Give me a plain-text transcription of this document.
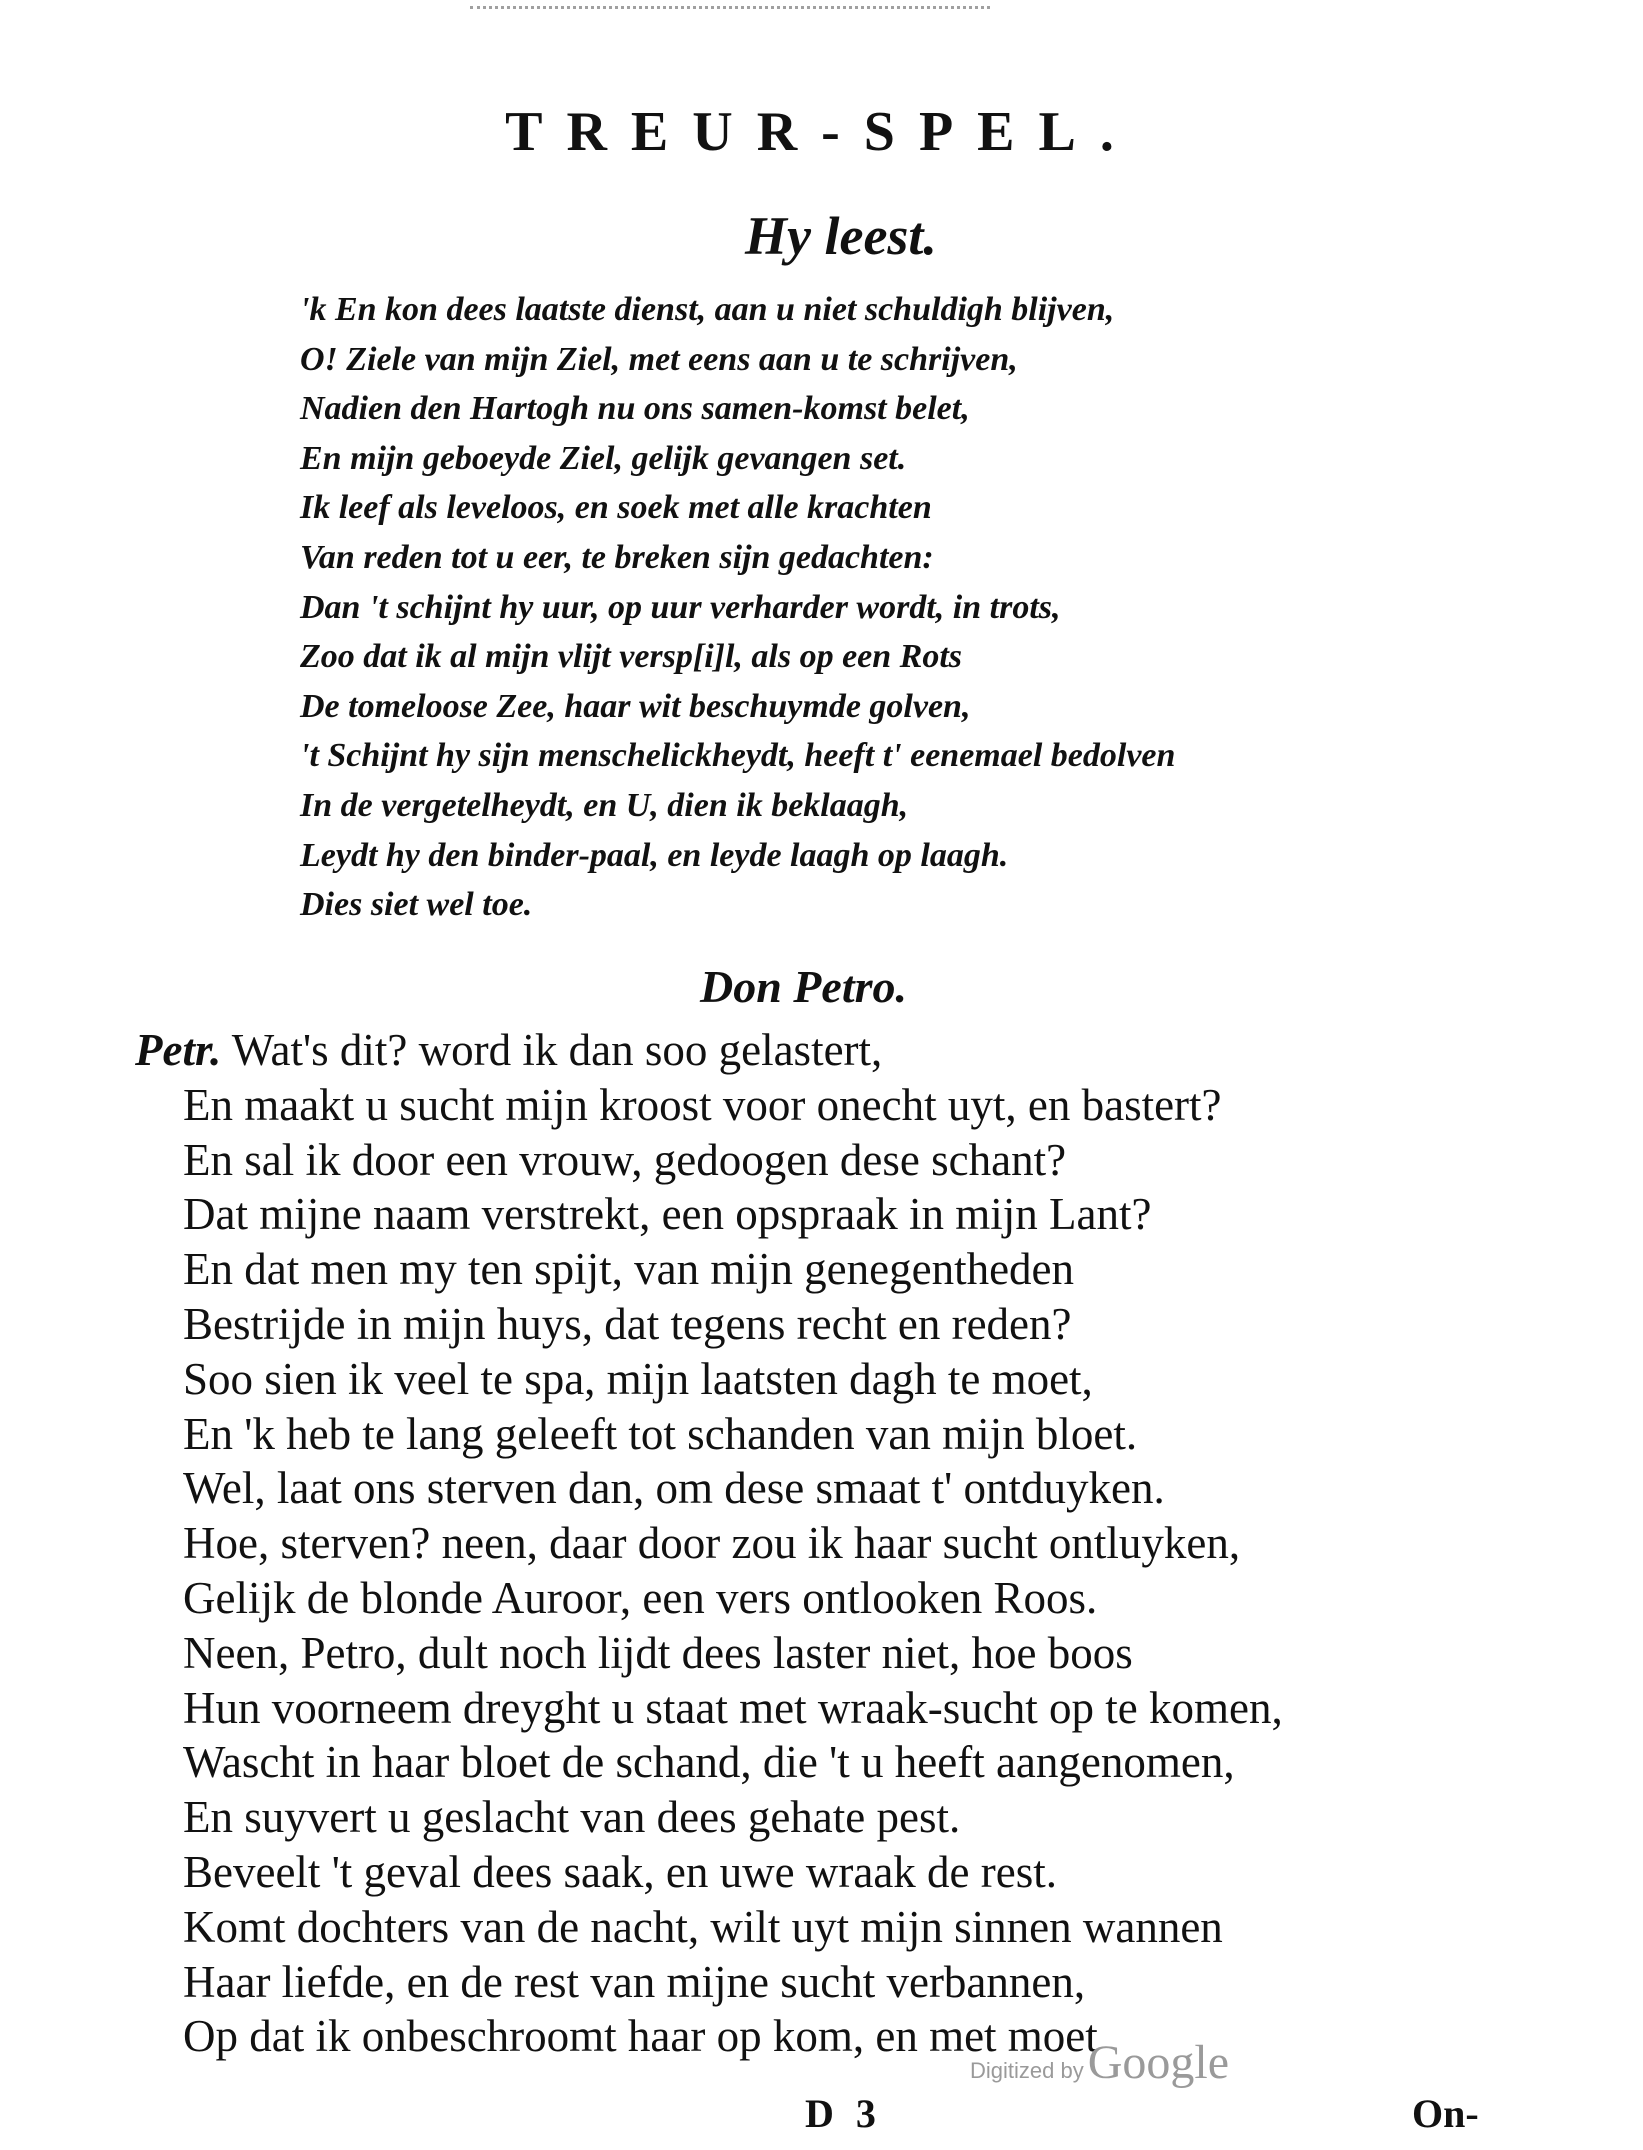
TREUR-SPEL.
Hy leest.
'k En kon dees laatste dienst, aan u niet schuldigh blijven,
O! Ziele van mijn Ziel, met eens aan u te schrijven,
Nadien den Hartogh nu ons samen-komst belet,
En mijn geboeyde Ziel, gelijk gevangen set.
Ik leef als leveloos, en soek met alle krachten
Van reden tot u eer, te breken sijn gedachten:
Dan 't schijnt hy uur, op uur verharder wordt, in trots,
Zoo dat ik al mijn vlijt versp[i]l, als op een Rots
De tomeloose Zee, haar wit beschuymde golven,
't Schijnt hy sijn menschelickheydt, heeft t' eenemael bedolven
In de vergetelheydt, en U, dien ik beklaagh,
Leydt hy den binder-paal, en leyde laagh op laagh.
Dies siet wel toe.
Don Petro.
Petr. Wat's dit? word ik dan soo gelastert,
En maakt u sucht mijn kroost voor onecht uyt, en bastert?
En sal ik door een vrouw, gedoogen dese schant?
Dat mijne naam verstrekt, een opspraak in mijn Lant?
En dat men my ten spijt, van mijn genegentheden
Bestrijde in mijn huys, dat tegens recht en reden?
Soo sien ik veel te spa, mijn laatsten dagh te moet,
En 'k heb te lang geleeft tot schanden van mijn bloet.
Wel, laat ons sterven dan, om dese smaat t' ontduyken.
Hoe, sterven? neen, daar door zou ik haar sucht ontluyken,
Gelijk de blonde Auroor, een vers ontlooken Roos.
Neen, Petro, dult noch lijdt dees laster niet, hoe boos
Hun voorneem dreyght u staat met wraak-sucht op te komen,
Wascht in haar bloet de schand, die 't u heeft aangenomen,
En suyvert u geslacht van dees gehate pest.
Beveelt 't geval dees saak, en uwe wraak de rest.
Komt dochters van de nacht, wilt uyt mijn sinnen wannen
Haar liefde, en de rest van mijne sucht verbannen,
Op dat ik onbeschroomt haar op kom, en met moet
Digitized by Google
D 3	On-
